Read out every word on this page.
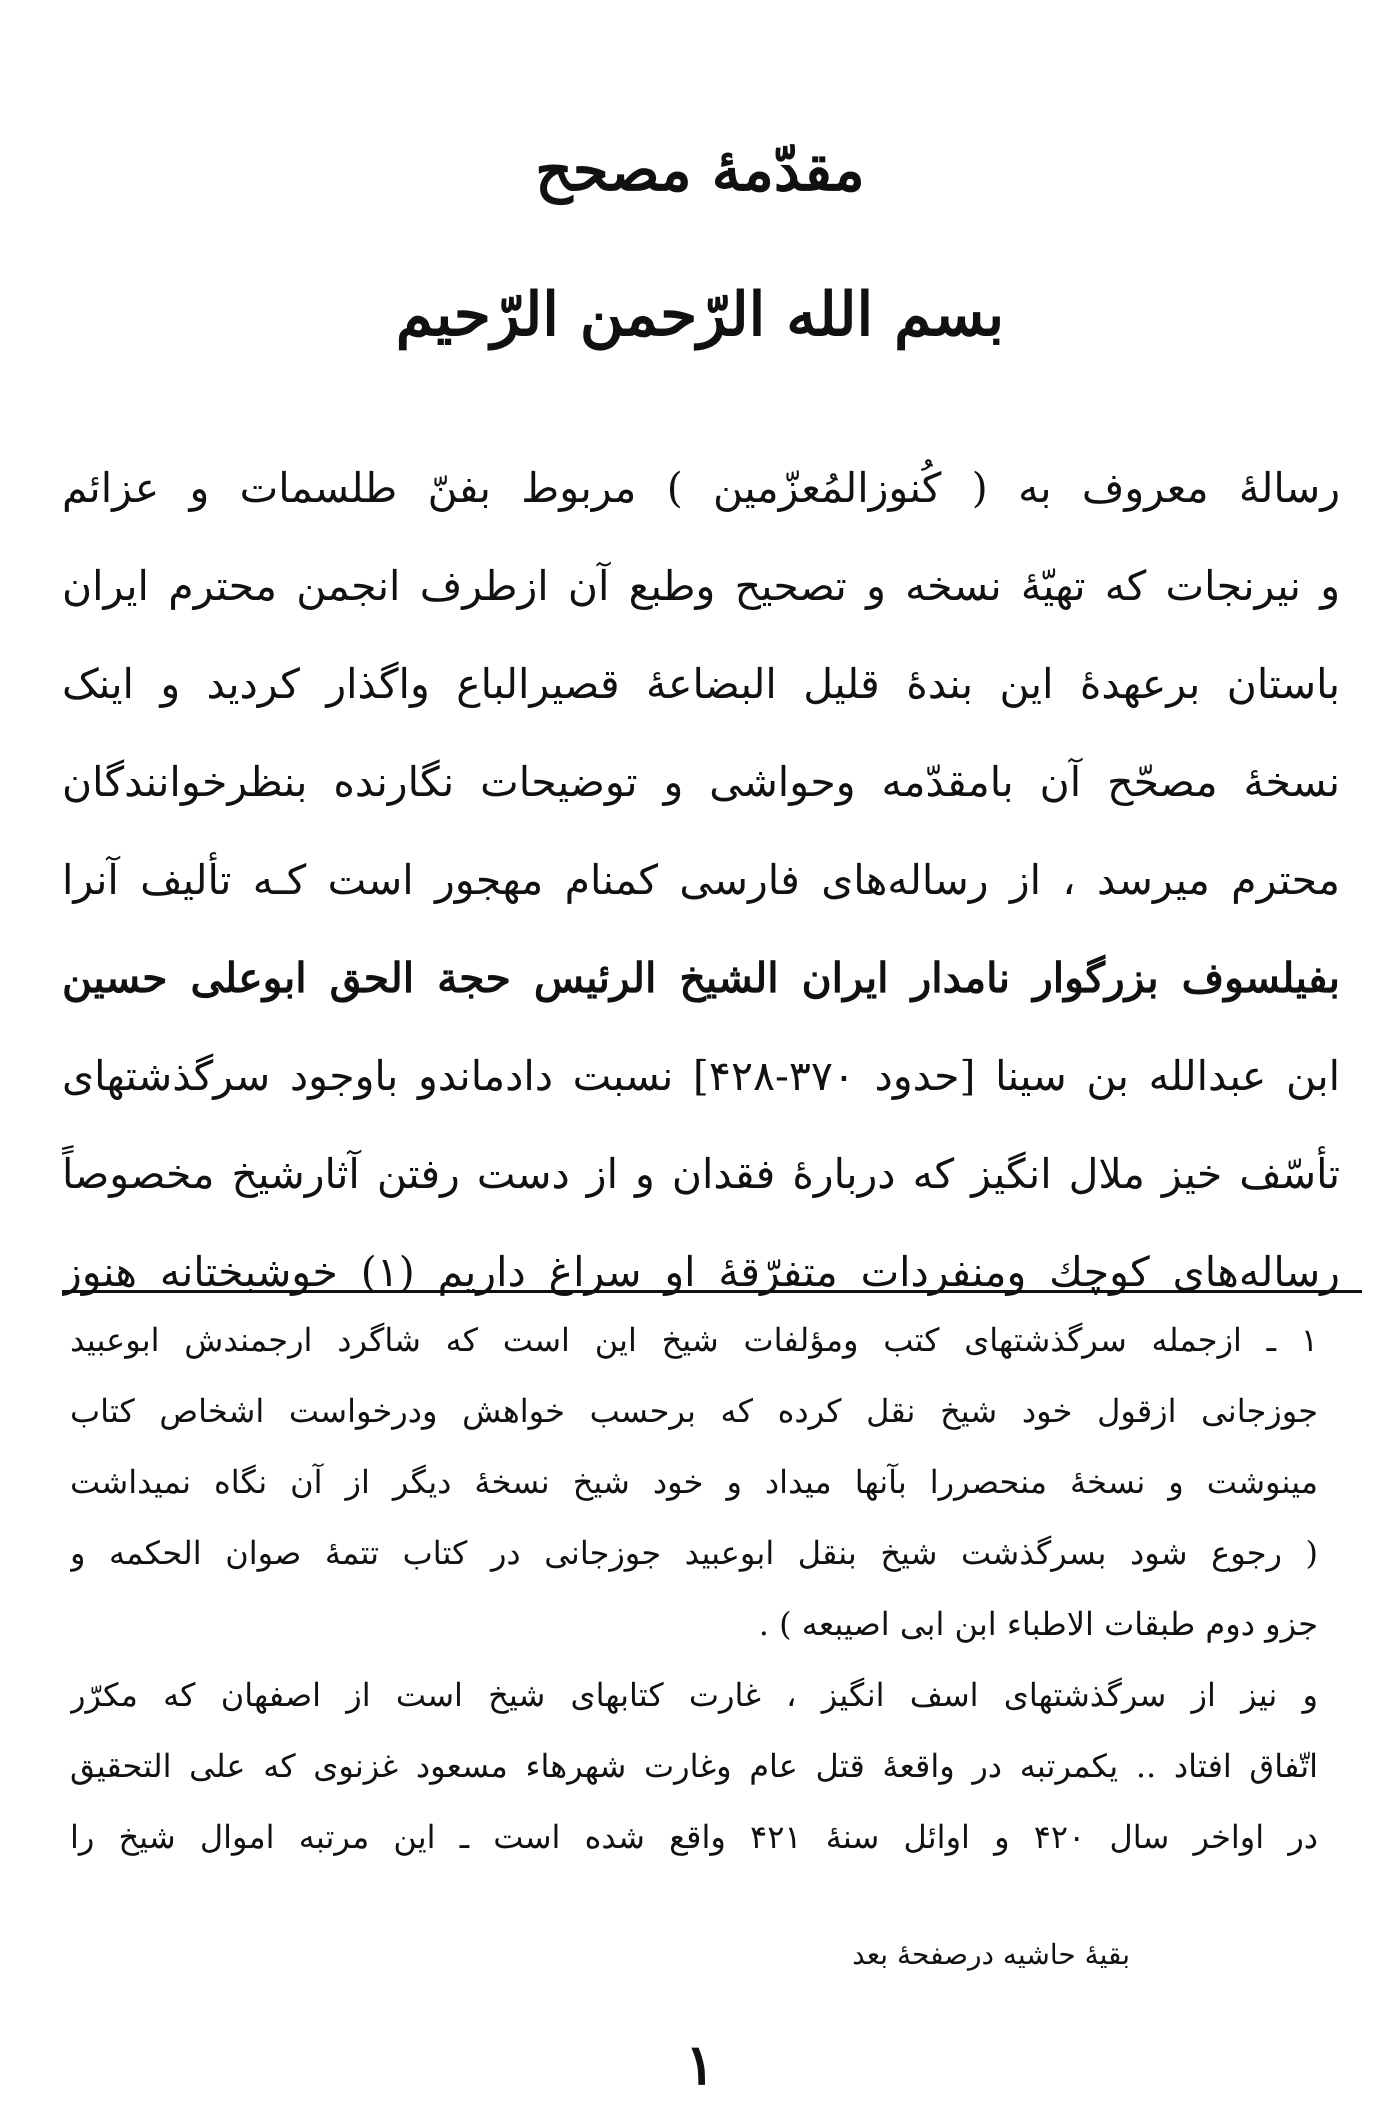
مقدّمهٔ مصحح
بسم الله الرّحمن الرّحیم
رسالهٔ معروف به ( کُنوزالمُعزّمین ) مربوط بفنّ طلسمات و عزائم
و نیرنجات که تهیّهٔ نسخه و تصحیح وطبع آن ازطرف انجمن محترم ایران
باستان برعهدهٔ این بندهٔ قلیل البضاعهٔ قصیرالباع واگذار کردید و اینک
نسخهٔ مصحّح آن بامقدّمه وحواشی و توضیحات نگارنده بنظرخوانندگان
محترم میرسد ، از رساله‌های فارسی کمنام مهجور است کـه تألیف آنرا
بفیلسوف بزرگوار نامدار ایران الشیخ الرئیس حجة الحق ابوعلی حسین
ابن عبدالله بن سینا [حدود ۳۷۰-۴۲۸] نسبت دادماندو باوجود سرگذشتهای
تأسّف خیز ملال انگیز که دربارهٔ فقدان و از دست رفتن آثارشیخ مخصوصاً
رساله‌های کوچك ومنفردات متفرّقهٔ او سراغ داریم (۱) خوشبختانه هنوز
۱ ـ ازجمله سرگذشتهای کتب ومؤلفات شیخ این است که شاگرد ارجمندش ابوعبید
جوزجانی ازقول خود شیخ نقل کرده که برحسب خواهش ودرخواست اشخاص کتاب
مینوشت و نسخهٔ منحصررا بآنها میداد و خود شیخ نسخهٔ دیگر از آن نگاه نمیداشت
( رجوع شود بسرگذشت شیخ بنقل ابوعبید جوزجانی در کتاب تتمهٔ صوان الحکمه و
جزو دوم طبقات الاطباء ابن ابی اصیبعه ) .
و نیز از سرگذشتهای اسف انگیز ، غارت کتابهای شیخ است از اصفهان که مکرّر
اتّفاق افتاد .. یکمرتبه در واقعهٔ قتل عام وغارت شهرهاء مسعود غزنوی که علی التحقیق
در اواخر سال ۴۲۰ و اوائل سنهٔ ۴۲۱ واقع شده است ـ این مرتبه اموال شیخ را
بقیهٔ حاشیه درصفحهٔ بعد
۱
